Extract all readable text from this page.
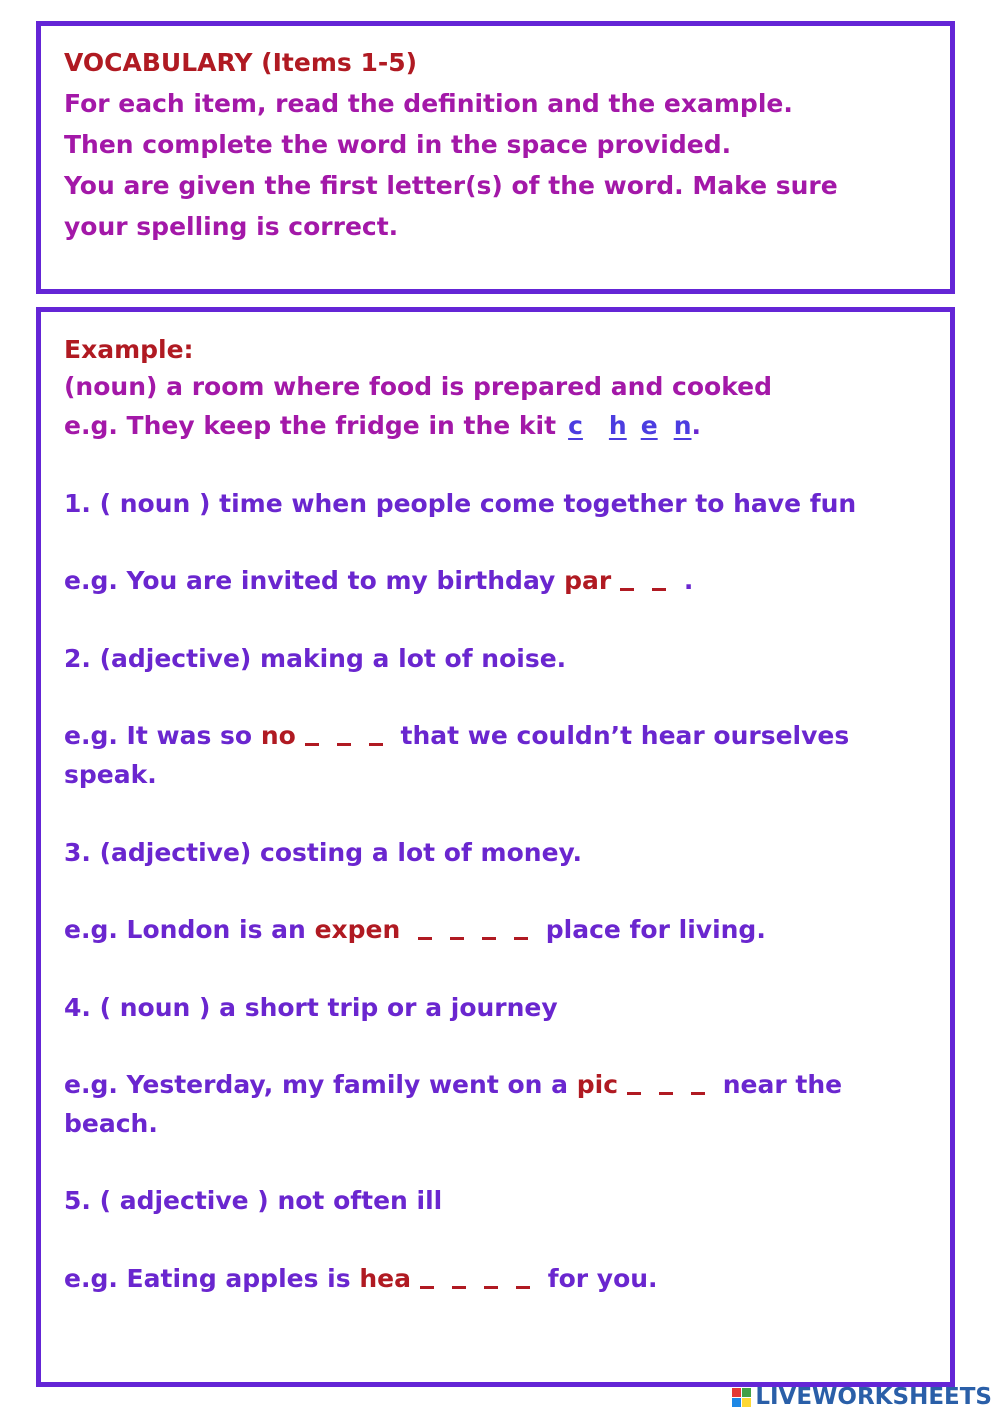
VOCABULARY (Items 1-5)
For each item, read the definition and the example.
Then complete the word in the space provided.
You are given the first letter(s) of the word. Make sure
your spelling is correct.
Example:
(noun) a room where food is prepared and cooked
e.g. They keep the fridge in the kit c h e n.
1. ( noun ) time when people come together to have fun
e.g. You are invited to my birthday par	.
2. (adjective) making a lot of noise.
e.g. It was so no	that we couldn’t hear ourselves
speak.
3. (adjective) costing a lot of money.
e.g. London is an expen	place for living.
4. ( noun ) a short trip or a journey
e.g. Yesterday, my family went on a pic	near the
beach.
5. ( adjective ) not often ill
e.g. Eating apples is hea	for you.
LIVEWORKSHEETS
